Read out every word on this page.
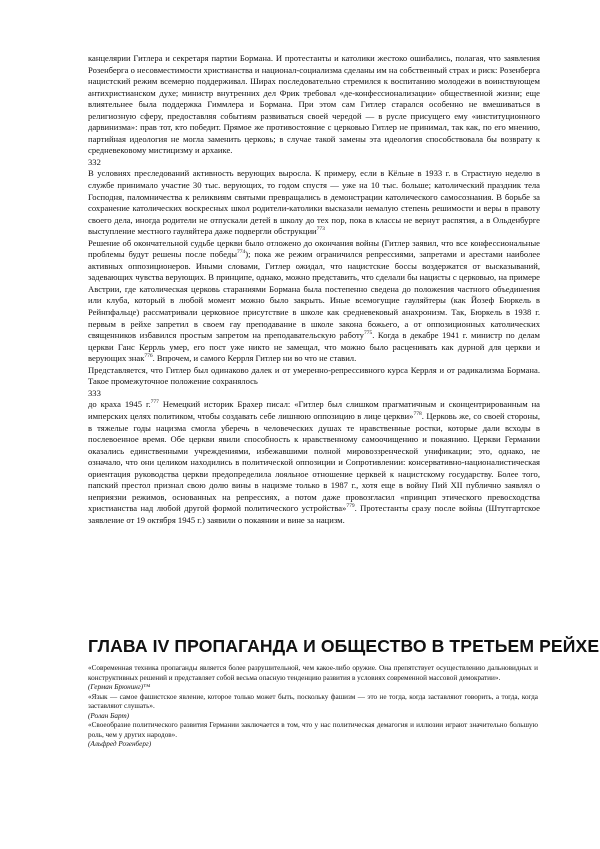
канцелярии Гитлера и секретаря партии Бормана. И протестанты и католики жестоко ошибались, полагая, что заявления Розенберга о несовместимости христианства и национал-социализма сделаны им на собственный страх и риск: Розенберга нацистский режим всемерно поддерживал. Ширах последовательно стремился к воспитанию молодежи в воинствующем антихристианском духе; министр внутренних дел Фрик требовал «де-конфессионализации» общественной жизни; еще влиятельнее была поддержка Гиммлера и Бормана. При этом сам Гитлер старался особенно не вмешиваться в религиозную сферу, предоставляя событиям развиваться своей чередой — в русле присущего ему «институционного дарвинизма»: прав тот, кто победит. Прямое же противостояние с церковью Гитлер не принимал, так как, по его мнению, партийная идеология не могла заменить церковь; в случае такой замены эта идеология способствовала бы возврату к средневековому мистицизму и архаике.

332

В условиях преследований активность верующих выросла. К примеру, если в Кёльне в 1933 г. в Страстную неделю в службе принимало участие 30 тыс. верующих, то годом спустя — уже на 10 тыс. больше; католический праздник тела Господня, паломничества к реликвиям святыми превращались в демонстрации католического самосознания. В борьбе за сохранение католических воскресных школ родители-католики высказали немалую степень решимости и веры в правоту своего дела, иногда родители не отпускали детей в школу до тех пор, пока в классы не вернут распятия, а в Ольденбурге выступление местного гауляйтера даже подвергли обструкции$^{773}$

Решение об окончательной судьбе церкви было отложено до окончания войны (Гитлер заявил, что все конфессиональные проблемы будут решены после победы$^{774}$); пока же режим ограничился репрессиями, запретами и арестами наиболее активных оппозиционеров. Иными словами, Гитлер ожидал, что нацистские боссы воздержатся от высказываний, задевающих чувства верующих. В принципе, однако, можно представить, что сделали бы нацисты с церковью, на примере Австрии, где католическая церковь стараниями Бормана была постепенно сведена до положения частного объединения или клуба, который в любой момент можно было закрыть. Иные всемогущие гауляйтеры (как Йозеф Бюркель в Рейнпфальце) рассматривали церковное присутствие в школе как средневековый анахронизм. Так, Бюркель в 1938 г. первым в рейхе запретил в своем гау преподавание в школе закона божьего, а от оппозиционных католических священников избавился простым запретом на преподавательскую работу$^{775}$. Когда в декабре 1941 г. министр по делам церкви Ганс Керрль умер, его пост уже никто не замещал, что можно было расценивать как дурной для церкви и верующих знак$^{776}$. Впрочем, и самого Керрля Гитлер ни во что не ставил.

Представляется, что Гитлер был одинаково далек и от умеренно-репрессивного курса Керрля и от радикализма Бормана. Такое промежуточное положение сохранялось

333

до краха 1945 г.$^{777}$ Немецкий историк Брахер писал: «Гитлер был слишком прагматичным и сконцентрированным на имперских целях политиком, чтобы создавать себе лишнюю оппозицию в лице церкви»$^{778}$. Церковь же, со своей стороны, в тяжелые годы нацизма смогла уберечь в человеческих душах те нравственные ростки, которые дали всходы в послевоенное время. Обе церкви явили способность к нравственному самоочищению и покаянию. Церкви Германии оказались единственными учреждениями, избежавшими полной мировоззренческой унификации; это, однако, не означало, что они целиком находились в политической оппозиции и Сопротивлении: консервативно-националистическая ориентация руководства церкви предопределила лояльное отношение церквей к нацистскому государству. Более того, папский престол признал свою долю вины в нацизме только в 1987 г., хотя еще в войну Пий XII публично заявлял о неприязни режимов, основанных на репрессиях, а потом даже провозгласил «принцип этического превосходства христианства над любой другой формой политического устройства»$^{779}$. Протестанты сразу после войны (Штутгартское заявление от 19 октября 1945 г.) заявили о покаянии и вине за нацизм.

ГЛАВА IV ПРОПАГАНДА И ОБЩЕСТВО В ТРЕТЬЕМ РЕЙХЕ

«Современная техника пропаганды является более разрушительной, чем какое-либо оружие. Она препятствует осуществлению дальновидных и конструктивных решений и представляет собой весьма опасную тенденцию развития в условиях современной массовой демократии».

(Герман Брюнинг)™

«Язык — самое фашистское явление, которое только может быть, поскольку фашизм — это не тогда, когда заставляют говорить, а тогда, когда заставляют слушать».

(Ролан Барт)

«Своеобразие политического развития Германии заключается в том, что у нас политическая демагогия и иллюзии играют значительно большую роль, чем у других народов».

(Альфред Розенберг)
